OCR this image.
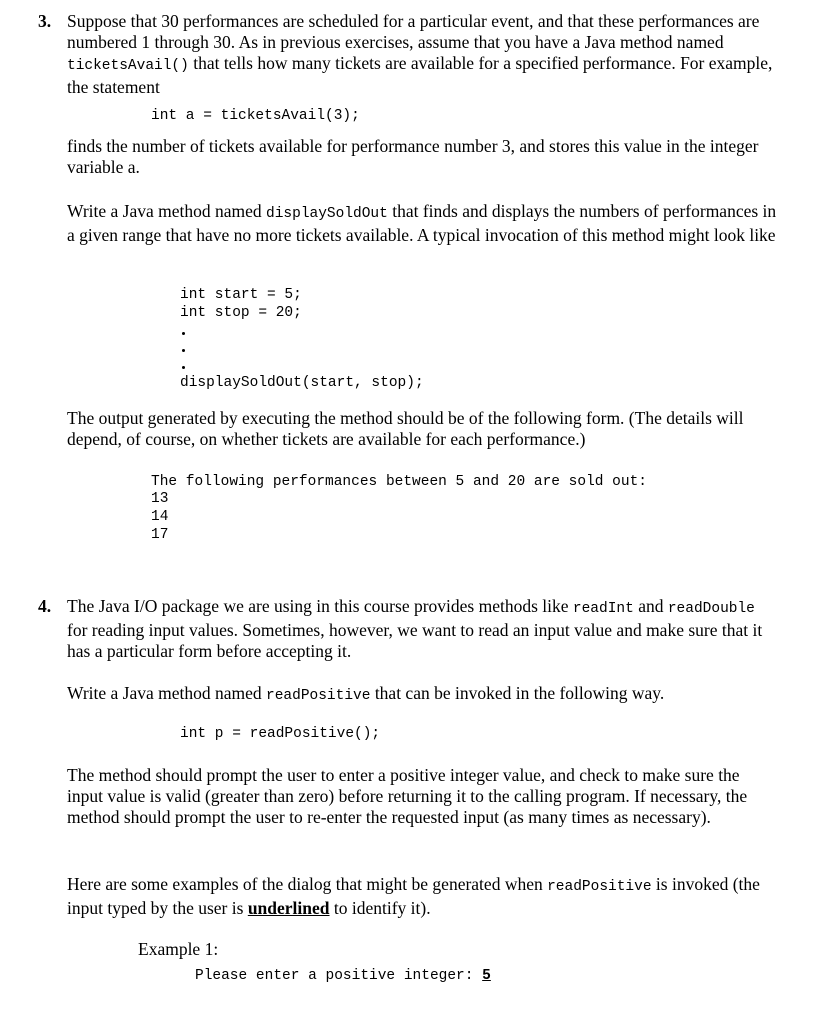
3. Suppose that 30 performances are scheduled for a particular event, and that these performances are numbered 1 through 30. As in previous exercises, assume that you have a Java method named ticketsAvail() that tells how many tickets are available for a specified performance. For example, the statement

int a = ticketsAvail(3);

finds the number of tickets available for performance number 3, and stores this value in the integer variable a.

Write a Java method named displaySoldOut that finds and displays the numbers of performances in a given range that have no more tickets available. A typical invocation of this method might look like

int start = 5;
int stop = 20;
displaySoldOut(start, stop);

The output generated by executing the method should be of the following form. (The details will depend, of course, on whether tickets are available for each performance.)

The following performances between 5 and 20 are sold out:
13
14
17
4. The Java I/O package we are using in this course provides methods like readInt and readDouble for reading input values. Sometimes, however, we want to read an input value and make sure that it has a particular form before accepting it.

Write a Java method named readPositive that can be invoked in the following way.

int p = readPositive();

The method should prompt the user to enter a positive integer value, and check to make sure the input value is valid (greater than zero) before returning it to the calling program. If necessary, the method should prompt the user to re-enter the requested input (as many times as necessary).

Here are some examples of the dialog that might be generated when readPositive is invoked (the input typed by the user is underlined to identify it).

Example 1:
Please enter a positive integer: 5
